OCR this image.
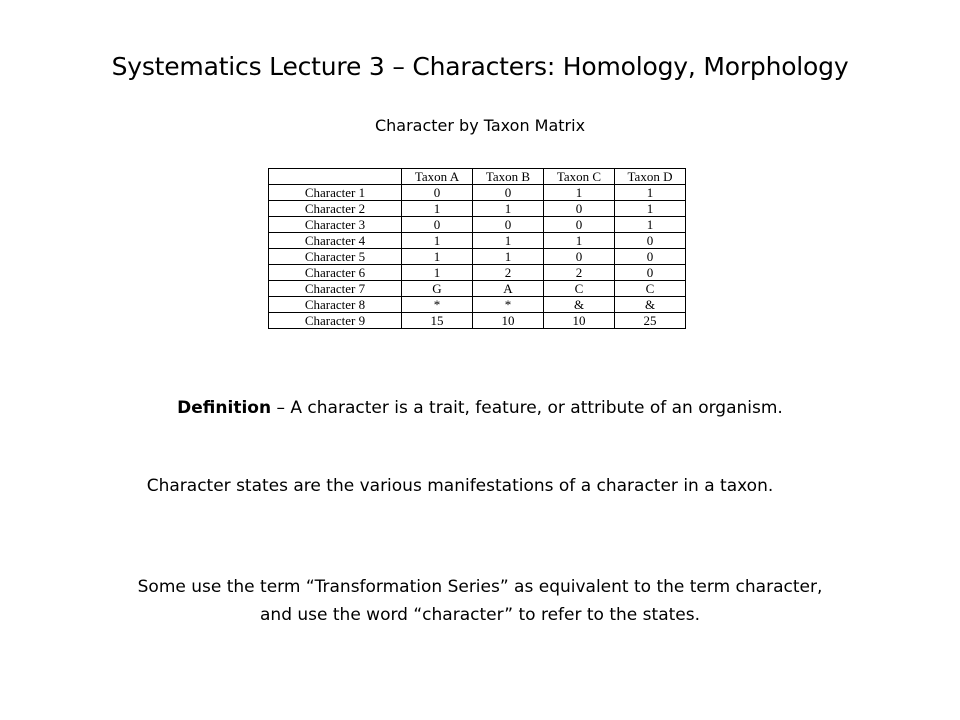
Systematics Lecture 3 – Characters: Homology, Morphology
Character by Taxon Matrix
	Taxon A	Taxon B	Taxon C	Taxon D
Character 1	0	0	1	1
Character 2	1	1	0	1
Character 3	0	0	0	1
Character 4	1	1	1	0
Character 5	1	1	0	0
Character 6	1	2	2	0
Character 7	G	A	C	C
Character 8	*	*	&	&
Character 9	15	10	10	25
Definition – A character is a trait, feature, or attribute of an organism.
Character states are the various manifestations of a character in a taxon.
Some use the term “Transformation Series” as equivalent to the term character,
and use the word “character” to refer to the states.
